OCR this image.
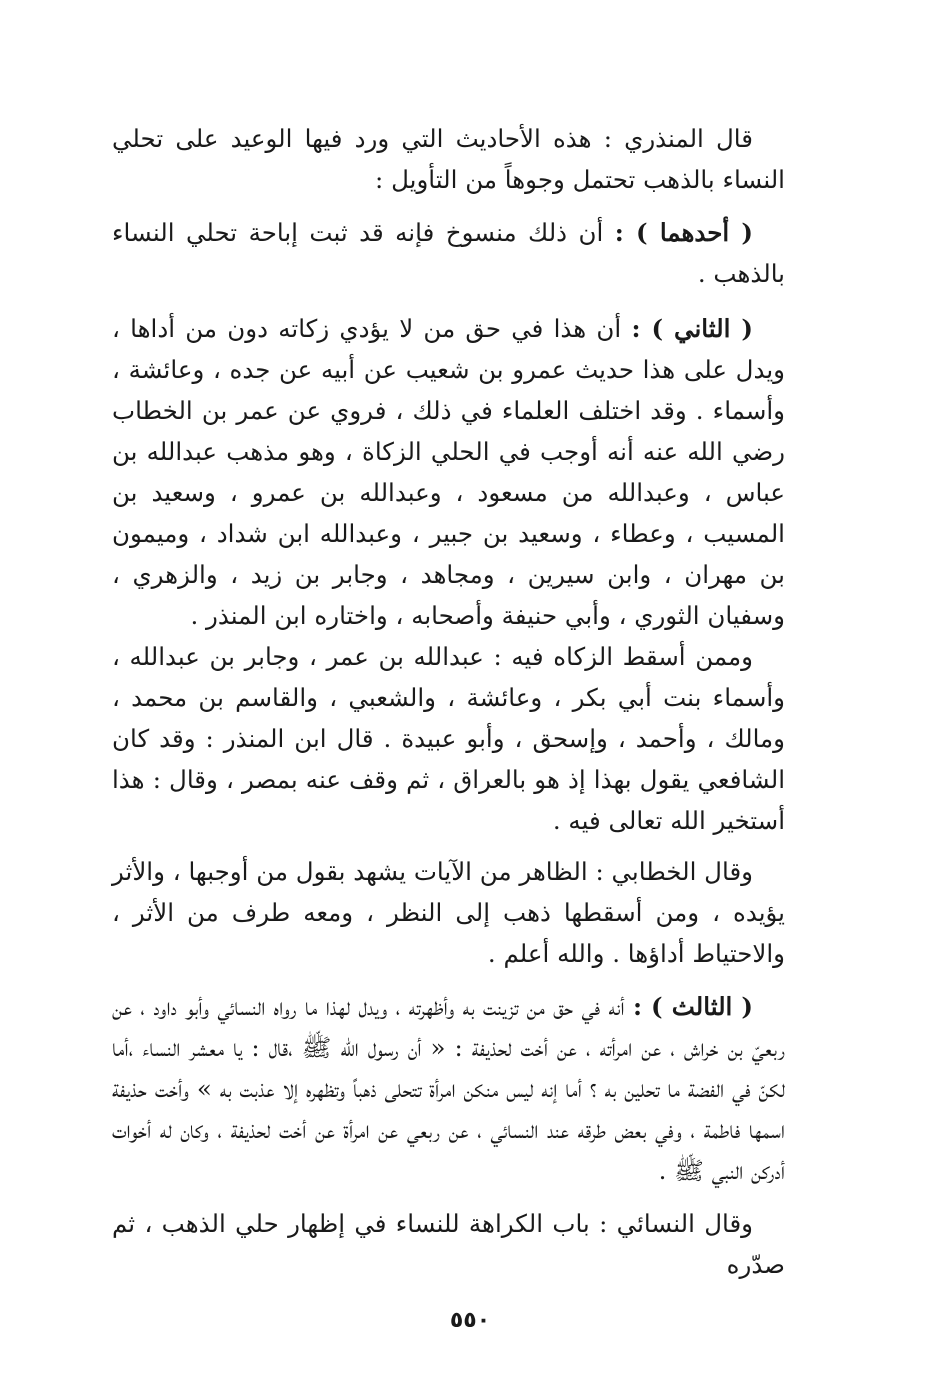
قال المنذري : هذه الأحاديث التي ورد فيها الوعيد على تحلي النساء بالذهب تحتمل وجوهاً من التأويل :

( أحدهما ) : أن ذلك منسوخ فإنه قد ثبت إباحة تحلي النساء بالذهب .

( الثاني ) : أن هذا في حق من لا يؤدي زكاته دون من أداها ، ويدل على هذا حديث عمرو بن شعيب عن أبيه عن جده ، وعائشة ، وأسماء . وقد اختلف العلماء في ذلك ، فروي عن عمر بن الخطاب رضي الله عنه أنه أوجب في الحلي الزكاة ، وهو مذهب عبدالله بن عباس ، وعبدالله من مسعود ، وعبدالله بن عمرو ، وسعيد بن المسيب ، وعطاء ، وسعيد بن جبير ، وعبدالله ابن شداد ، وميمون بن مهران ، وابن سيرين ، ومجاهد ، وجابر بن زيد ، والزهري ، وسفيان الثوري ، وأبي حنيفة وأصحابه ، واختاره ابن المنذر .

وممن أسقط الزكاه فيه : عبدالله بن عمر ، وجابر بن عبدالله ، وأسماء بنت أبي بكر ، وعائشة ، والشعبي ، والقاسم بن محمد ، ومالك ، وأحمد ، وإسحق ، وأبو عبيدة . قال ابن المنذر : وقد كان الشافعي يقول بهذا إذ هو بالعراق ، ثم وقف عنه بمصر ، وقال : هذا أستخير الله تعالى فيه .

وقال الخطابي : الظاهر من الآيات يشهد بقول من أوجبها ، والأثر يؤيده ، ومن أسقطها ذهب إلى النظر ، ومعه طرف من الأثر ، والاحتياط أداؤها . والله أعلم .

( الثالث ) : أنه في حق من تزينت به وأظهرته ، ويدل لهذا ما رواه النسائي وأبو داود ، عن ربعيّ بن خراش ، عن امرأته ، عن أخت لحذيفة : « أن رسول الله ﷺ ،قال : يا معشر النساء ،أما لكنّ في الفضة ما تحلين به ؟ أما إنه ليس منكن امرأة تتحلى ذهباً وتظهره إلا عذبت به » وأخت حذيفة اسمها فاطمة ، وفي بعض طرقه عند النسائي ، عن ربعي عن امرأة عن أخت لحذيفة ، وكان له أخوات أدركن النبي ﷺ .

وقال النسائي : باب الكراهة للنساء في إظهار حلي الذهب ، ثم صدّره

٥٥٠
